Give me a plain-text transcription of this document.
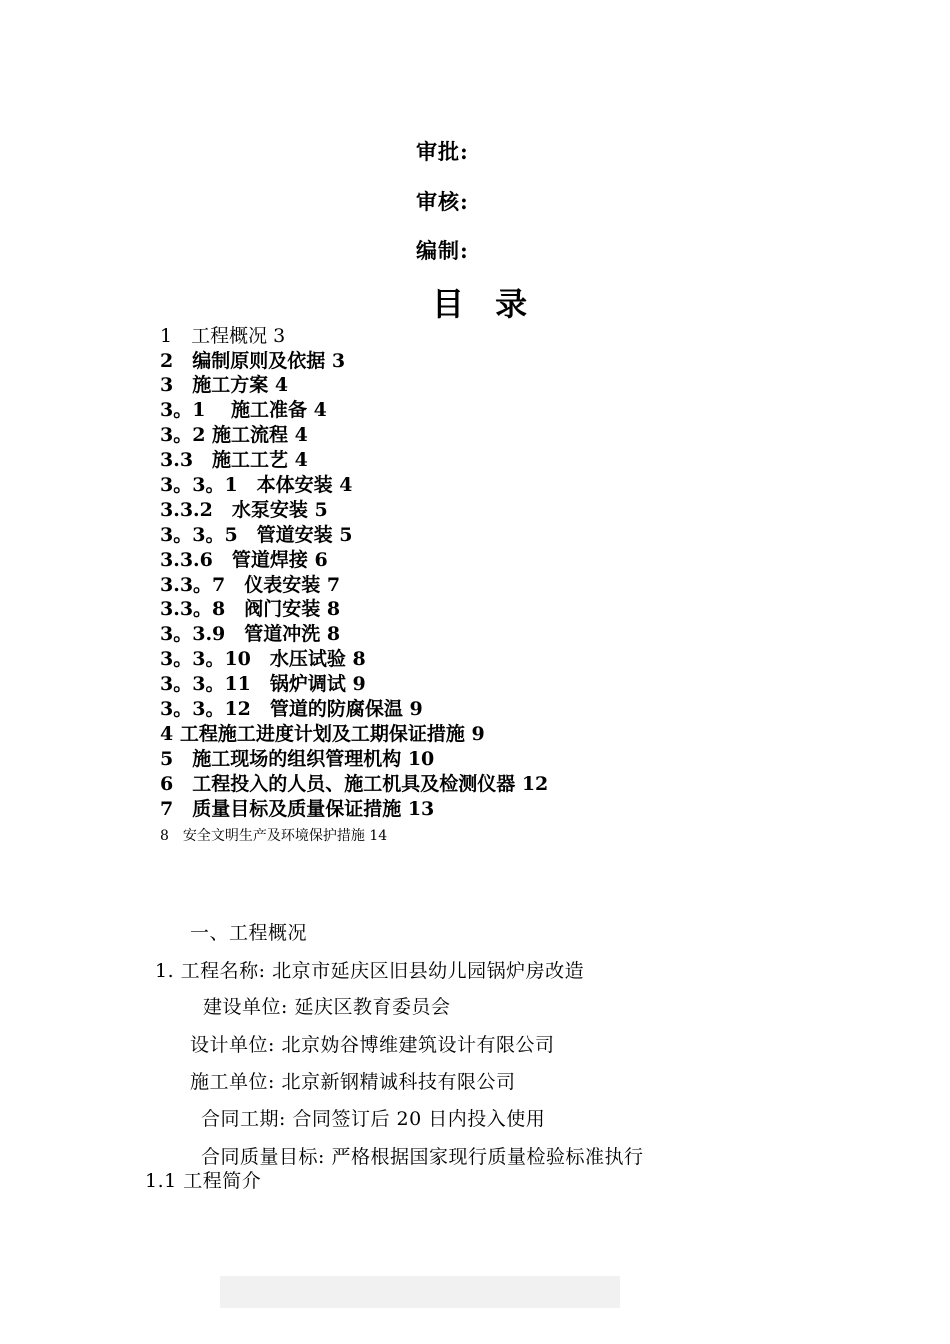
审批:
审核:
编制:
目 录
1　工程概况 3
2　编制原则及依据 3
3　施工方案 4
3。1　 施工准备 4
3。2 施工流程 4
3.3　施工工艺 4
3。3。1　本体安装 4
3.3.2　水泵安装 5
3。3。5　管道安装 5
3.3.6　管道焊接 6
3.3。7　仪表安装 7
3.3。8　阀门安装 8
3。3.9　管道冲洗 8
3。3。10　水压试验 8
3。3。11　锅炉调试 9
3。3。12　管道的防腐保温 9
4 工程施工进度计划及工期保证措施 9
5　施工现场的组织管理机构 10
6　工程投入的人员、施工机具及检测仪器 12
7　质量目标及质量保证措施 13
8　安全文明生产及环境保护措施 14
一、工程概况
1. 工程名称: 北京市延庆区旧县幼儿园锅炉房改造
建设单位: 延庆区教育委员会
设计单位: 北京妫谷博维建筑设计有限公司
施工单位: 北京新钢精诚科技有限公司
合同工期: 合同签订后 20 日内投入使用
合同质量目标: 严格根据国家现行质量检验标准执行
1.1 工程简介
